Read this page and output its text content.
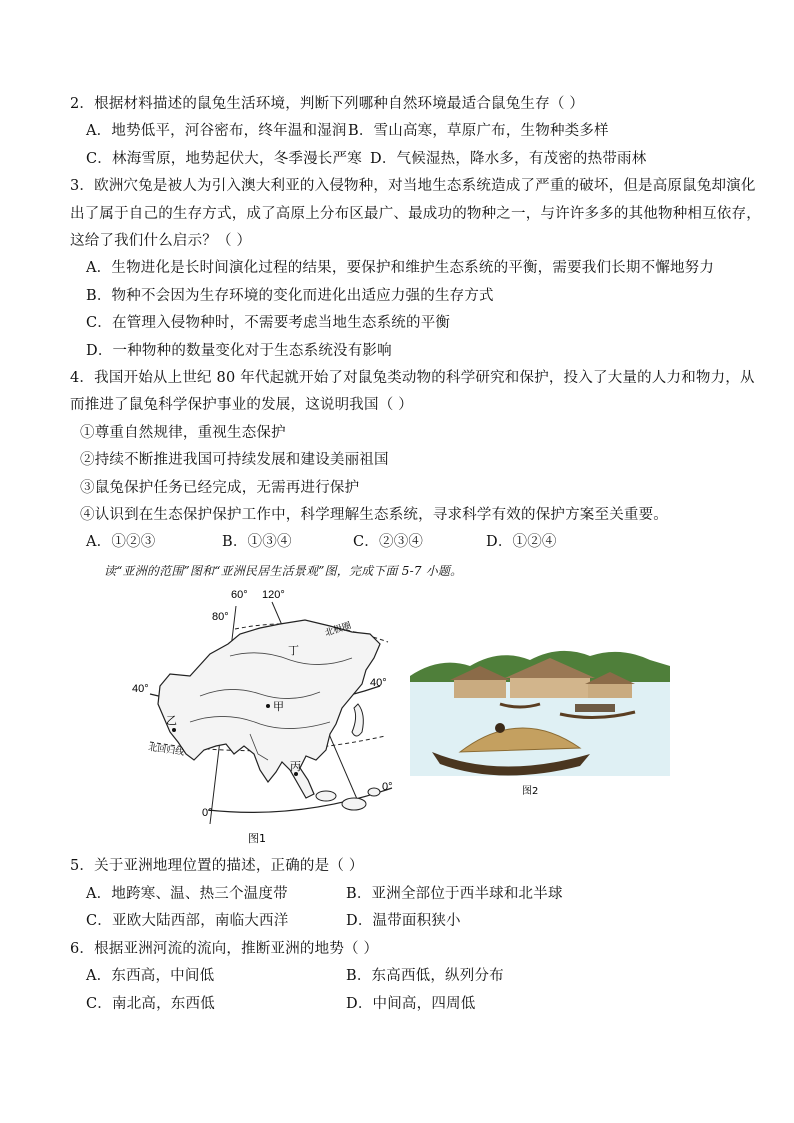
2．根据材料描述的鼠兔生活环境，判断下列哪种自然环境最适合鼠兔生存（ ）
A．地势低平，河谷密布，终年温和湿润 B．雪山高寒，草原广布，生物种类多样
C．林海雪原，地势起伏大，冬季漫长严寒 D．气候湿热，降水多，有茂密的热带雨林
3．欧洲穴兔是被人为引入澳大利亚的入侵物种，对当地生态系统造成了严重的破坏，但是高原鼠兔却演化
出了属于自己的生存方式，成了高原上分布区最广、最成功的物种之一，与许许多多的其他物种相互依存，
这给了我们什么启示？（ ）
A．生物进化是长时间演化过程的结果，要保护和维护生态系统的平衡，需要我们长期不懈地努力
B．物种不会因为生存环境的变化而进化出适应力强的生存方式
C．在管理入侵物种时，不需要考虑当地生态系统的平衡
D．一种物种的数量变化对于生态系统没有影响
4．我国开始从上世纪 80 年代起就开始了对鼠兔类动物的科学研究和保护，投入了大量的人力和物力，从
而推进了鼠兔科学保护事业的发展，这说明我国（ ）
①尊重自然规律，重视生态保护
②持续不断推进我国可持续发展和建设美丽祖国
③鼠兔保护任务已经完成，无需再进行保护
④认识到在生态保护保护工作中，科学理解生态系统，寻求科学有效的保护方案至关重要。
A．①②③	B．①③④	C．②③④	D．①②④
读“亚洲的范围”图和“亚洲民居生活景观”图，完成下面 5-7 小题。
60° 120°
80°
40°	40°
0°
0°
北极圈
北回归线
甲
乙
丙
丁
图1
图2
5．关于亚洲地理位置的描述，正确的是（ ）
A．地跨寒、温、热三个温度带	B．亚洲全部位于西半球和北半球
C．亚欧大陆西部，南临大西洋	D．温带面积狭小
6．根据亚洲河流的流向，推断亚洲的地势（ ）
A．东西高，中间低	B．东高西低，纵列分布
C．南北高，东西低	D．中间高，四周低
